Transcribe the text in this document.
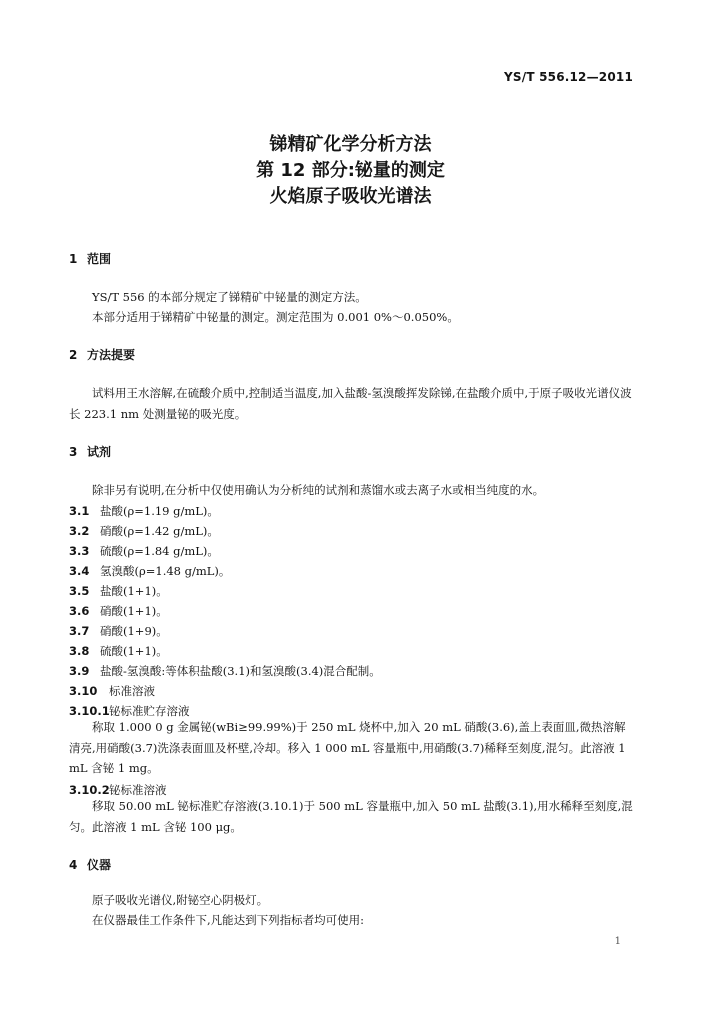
YS/T 556.12—2011
锑精矿化学分析方法
第 12 部分:铋量的测定
火焰原子吸收光谱法
1 范围
YS/T 556 的本部分规定了锑精矿中铋量的测定方法。
本部分适用于锑精矿中铋量的测定。测定范围为 0.001 0%～0.050%。
2 方法提要
试料用王水溶解,在硫酸介质中,控制适当温度,加入盐酸-氢溴酸挥发除锑,在盐酸介质中,于原子吸收光谱仪波长 223.1 nm 处测量铋的吸光度。
3 试剂
除非另有说明,在分析中仅使用确认为分析纯的试剂和蒸馏水或去离子水或相当纯度的水。
3.1 盐酸(ρ=1.19 g/mL)。
3.2 硝酸(ρ=1.42 g/mL)。
3.3 硫酸(ρ=1.84 g/mL)。
3.4 氢溴酸(ρ=1.48 g/mL)。
3.5 盐酸(1+1)。
3.6 硝酸(1+1)。
3.7 硝酸(1+9)。
3.8 硫酸(1+1)。
3.9 盐酸-氢溴酸:等体积盐酸(3.1)和氢溴酸(3.4)混合配制。
3.10 标准溶液
3.10.1铋标准贮存溶液
称取 1.000 0 g 金属铋(wBi≥99.99%)于 250 mL 烧杯中,加入 20 mL 硝酸(3.6),盖上表面皿,微热溶解清亮,用硝酸(3.7)洗涤表面皿及杯壁,冷却。移入 1 000 mL 容量瓶中,用硝酸(3.7)稀释至刻度,混匀。此溶液 1 mL 含铋 1 mg。
3.10.2铋标准溶液
移取 50.00 mL 铋标准贮存溶液(3.10.1)于 500 mL 容量瓶中,加入 50 mL 盐酸(3.1),用水稀释至刻度,混匀。此溶液 1 mL 含铋 100 μg。
4 仪器
原子吸收光谱仪,附铋空心阴极灯。
在仪器最佳工作条件下,凡能达到下列指标者均可使用:
1
